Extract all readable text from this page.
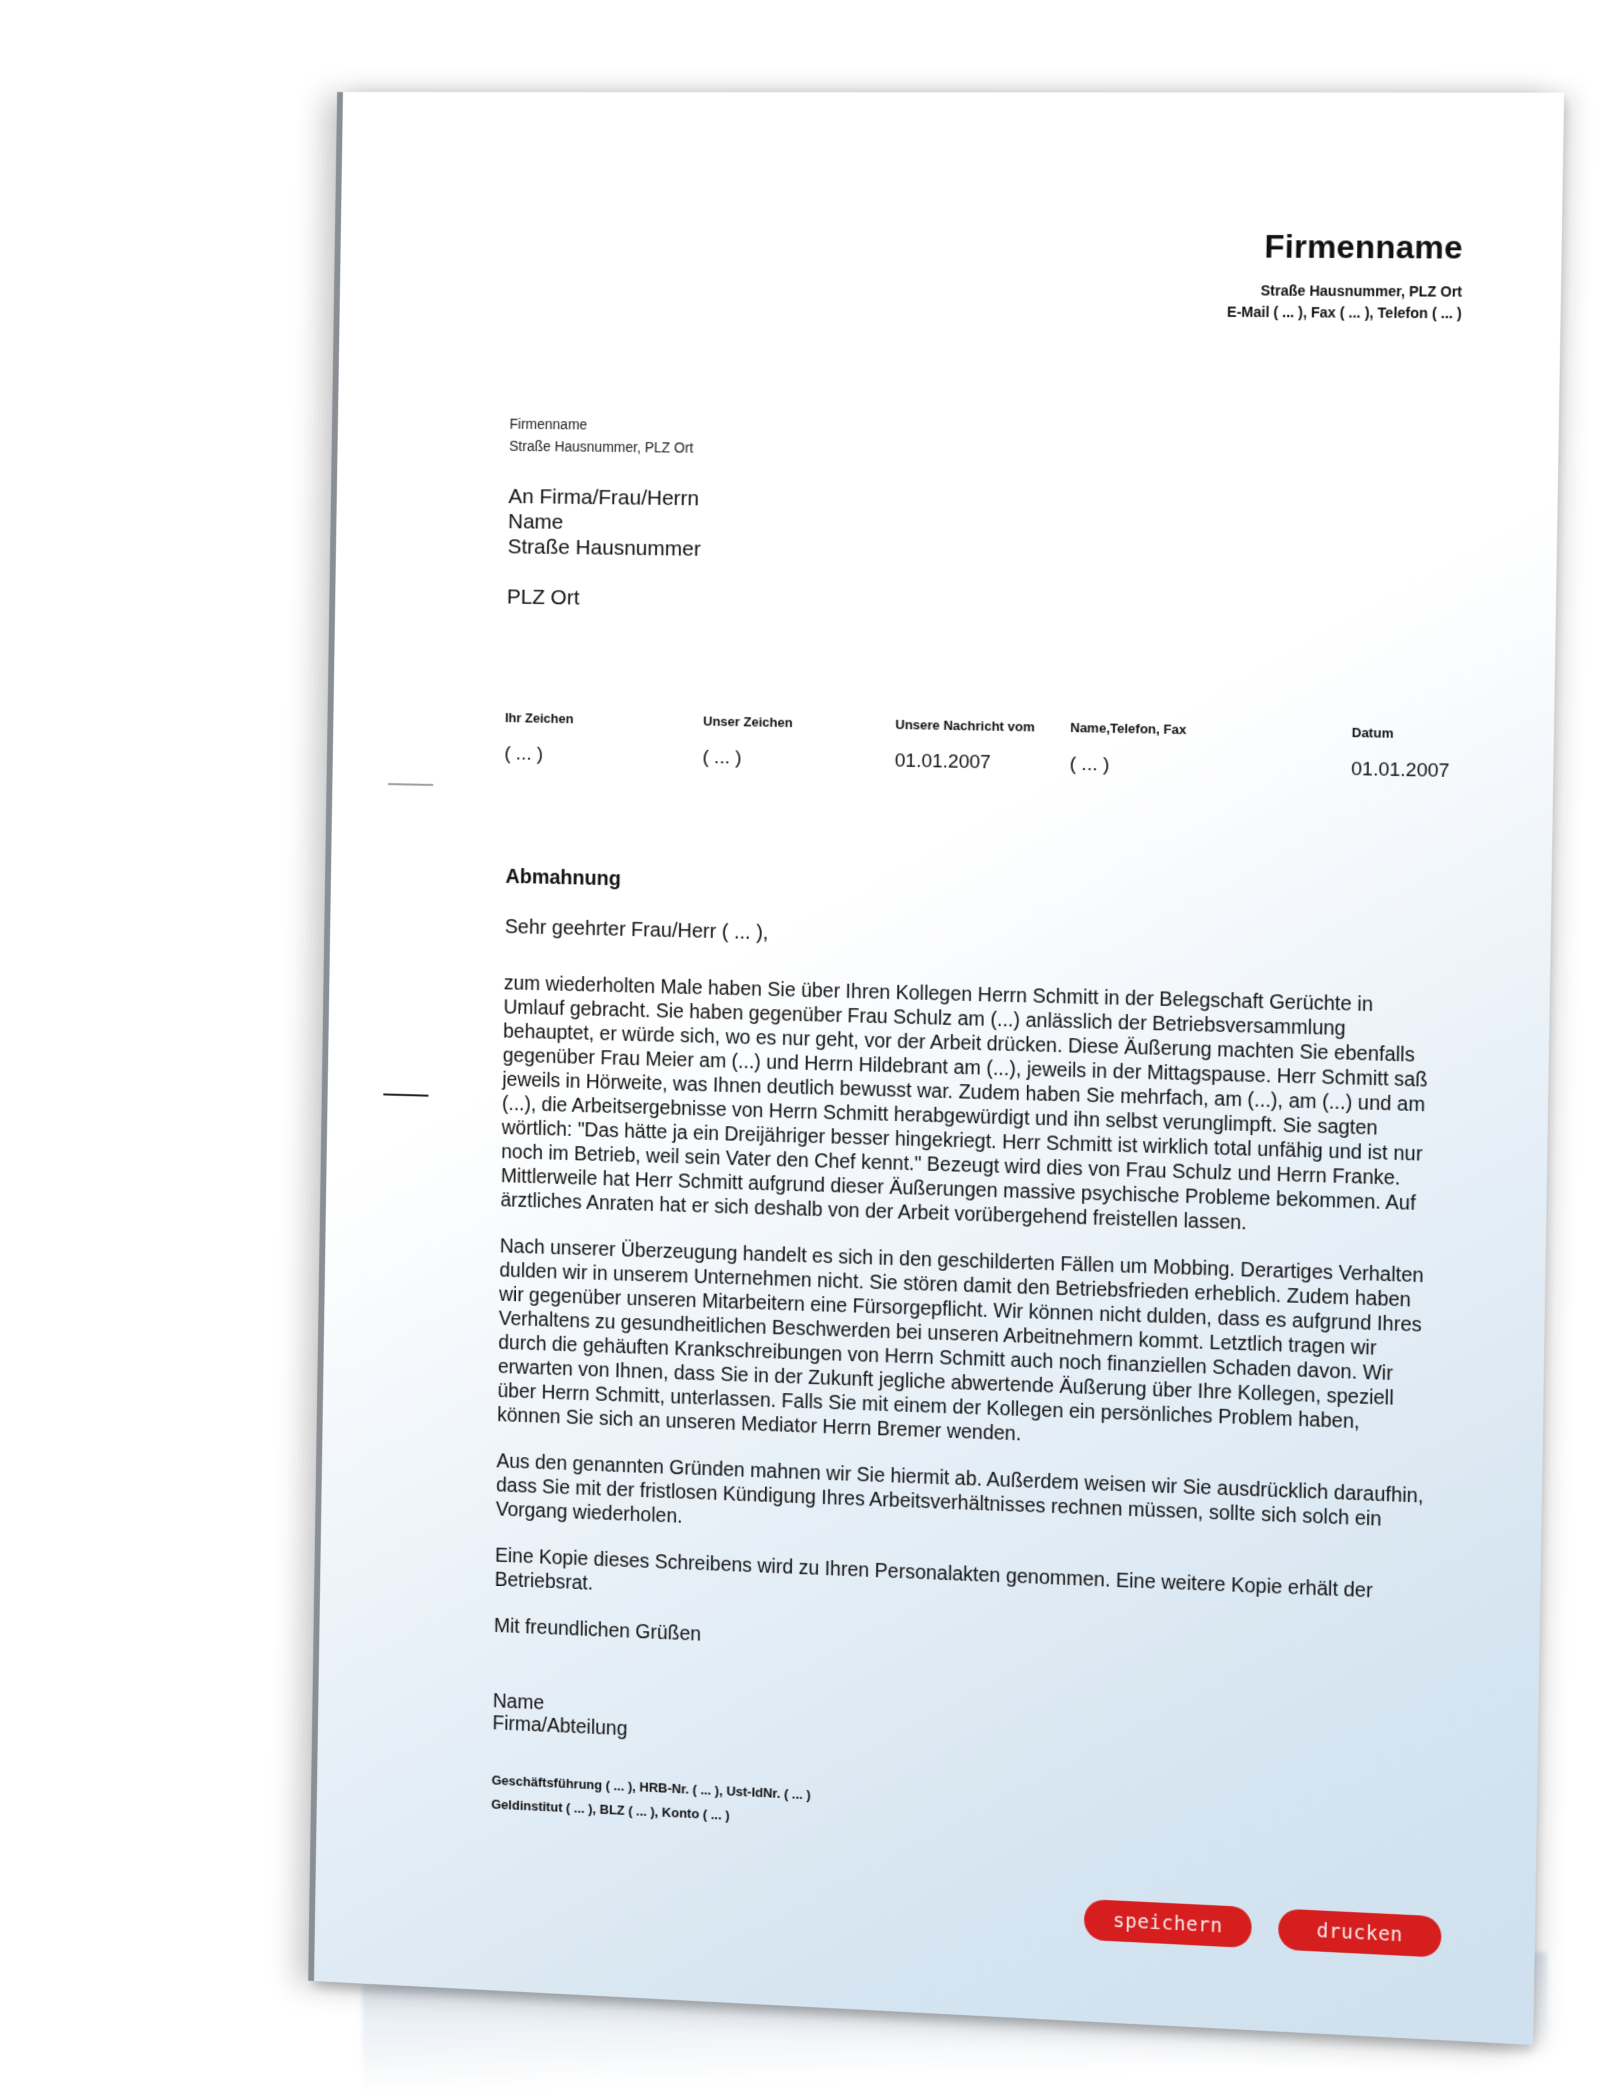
Firmenname
Straße Hausnummer, PLZ Ort
E-Mail ( ... ), Fax ( ... ), Telefon ( ... )
Firmenname
Straße Hausnummer, PLZ Ort
An Firma/Frau/Herrn
Name
Straße Hausnummer
PLZ Ort
Ihr Zeichen
( ... )
Unser Zeichen
( ... )
Unsere Nachricht vom
01.01.2007
Name,Telefon, Fax
( ... )
Datum
01.01.2007
Abmahnung
Sehr geehrter Frau/Herr ( ... ),

zum wiederholten Male haben Sie über Ihren Kollegen Herrn Schmitt in der Belegschaft Gerüchte in Umlauf gebracht. Sie haben gegenüber Frau Schulz am (...) anlässlich der Betriebsversammlung behauptet, er würde sich, wo es nur geht, vor der Arbeit drücken. Diese Äußerung machten Sie ebenfalls gegenüber Frau Meier am (...) und Herrn Hildebrant am (...), jeweils in der Mittagspause. Herr Schmitt saß jeweils in Hörweite, was Ihnen deutlich bewusst war. Zudem haben Sie mehrfach, am (...), am (...) und am (...), die Arbeitsergebnisse von Herrn Schmitt herabgewürdigt und ihn selbst verunglimpft. Sie sagten wörtlich: "Das hätte ja ein Dreijähriger besser hingekriegt. Herr Schmitt ist wirklich total unfähig und ist nur noch im Betrieb, weil sein Vater den Chef kennt." Bezeugt wird dies von Frau Schulz und Herrn Franke. Mittlerweile hat Herr Schmitt aufgrund dieser Äußerungen massive psychische Probleme bekommen. Auf ärztliches Anraten hat er sich deshalb von der Arbeit vorübergehend freistellen lassen.

Nach unserer Überzeugung handelt es sich in den geschilderten Fällen um Mobbing. Derartiges Verhalten dulden wir in unserem Unternehmen nicht. Sie stören damit den Betriebsfrieden erheblich. Zudem haben wir gegenüber unseren Mitarbeitern eine Fürsorgepflicht. Wir können nicht dulden, dass es aufgrund Ihres Verhaltens zu gesundheitlichen Beschwerden bei unseren Arbeitnehmern kommt. Letztlich tragen wir durch die gehäuften Krankschreibungen von Herrn Schmitt auch noch finanziellen Schaden davon. Wir erwarten von Ihnen, dass Sie in der Zukunft jegliche abwertende Äußerung über Ihre Kollegen, speziell über Herrn Schmitt, unterlassen. Falls Sie mit einem der Kollegen ein persönliches Problem haben, können Sie sich an unseren Mediator Herrn Bremer wenden.

Aus den genannten Gründen mahnen wir Sie hiermit ab. Außerdem weisen wir Sie ausdrücklich daraufhin, dass Sie mit der fristlosen Kündigung Ihres Arbeitsverhältnisses rechnen müssen, sollte sich solch ein Vorgang wiederholen.

Eine Kopie dieses Schreibens wird zu Ihren Personalakten genommen. Eine weitere Kopie erhält der Betriebsrat.

Mit freundlichen Grüßen
Name
Firma/Abteilung
Geschäftsführung ( ... ), HRB-Nr. ( ... ), Ust-IdNr. ( ... )
Geldinstitut ( ... ), BLZ ( ... ), Konto ( ... )
speichern	drucken
